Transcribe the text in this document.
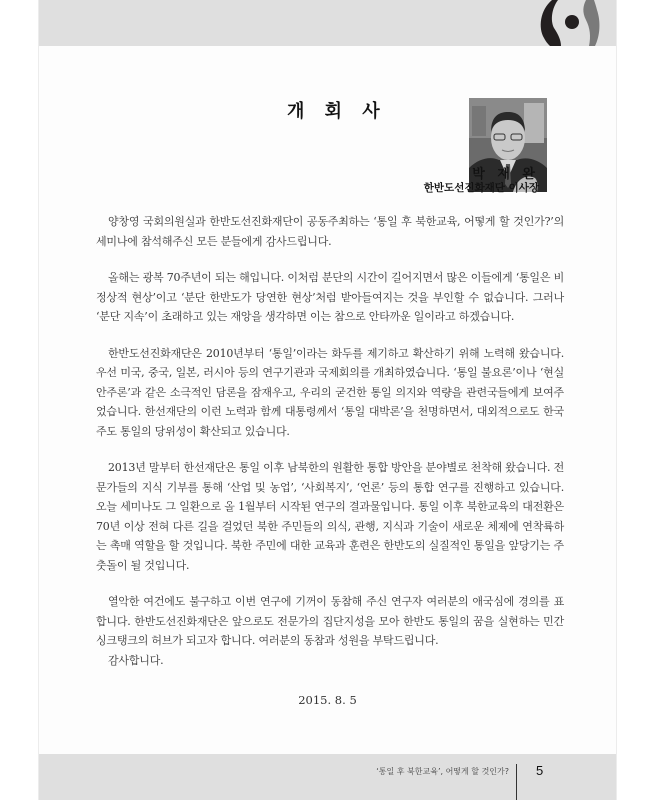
개 회 사
박 재 완
한반도선진화재단 이사장

양창영 국회의원실과 한반도선진화재단이 공동주최하는 ‘통일 후 북한교육, 어떻게 할 것인가?’의 세미나에 참석해주신 모든 분들에게 감사드립니다.

올해는 광복 70주년이 되는 해입니다. 이처럼 분단의 시간이 길어지면서 많은 이들에게 ‘통일은 비정상적 현상’이고 ‘분단 한반도가 당연한 현상’처럼 받아들여지는 것을 부인할 수 없습니다. 그러나 ‘분단 지속’이 초래하고 있는 재앙을 생각하면 이는 참으로 안타까운 일이라고 하겠습니다.

한반도선진화재단은 2010년부터 ‘통일’이라는 화두를 제기하고 확산하기 위해 노력해 왔습니다. 우선 미국, 중국, 일본, 러시아 등의 연구기관과 국제회의를 개최하였습니다. ‘통일 불요론’이나 ‘현실 안주론’과 같은 소극적인 담론을 잠재우고, 우리의 굳건한 통일 의지와 역량을 관련국들에게 보여주었습니다. 한선재단의 이런 노력과 함께 대통령께서 ‘통일 대박론’을 천명하면서, 대외적으로도 한국 주도 통일의 당위성이 확산되고 있습니다.

2013년 말부터 한선재단은 통일 이후 남북한의 원활한 통합 방안을 분야별로 천착해 왔습니다. 전문가들의 지식 기부를 통해 ‘산업 및 농업’, ‘사회복지’, ‘언론’ 등의 통합 연구를 진행하고 있습니다. 오늘 세미나도 그 일환으로 올 1월부터 시작된 연구의 결과물입니다. 통일 이후 북한교육의 대전환은 70년 이상 전혀 다른 길을 걸었던 북한 주민들의 의식, 관행, 지식과 기술이 새로운 체제에 연착륙하는 촉매 역할을 할 것입니다. 북한 주민에 대한 교육과 훈련은 한반도의 실질적인 통일을 앞당기는 주춧돌이 될 것입니다.

열악한 여건에도 불구하고 이번 연구에 기꺼이 동참해 주신 연구자 여러분의 애국심에 경의를 표합니다. 한반도선진화재단은 앞으로도 전문가의 집단지성을 모아 한반도 통일의 꿈을 실현하는 민간싱크탱크의 허브가 되고자 합니다. 여러분의 동참과 성원을 부탁드립니다.

감사합니다.

2015. 8. 5
‘통일 후 북한교육’, 어떻게 할 것인가? 5
